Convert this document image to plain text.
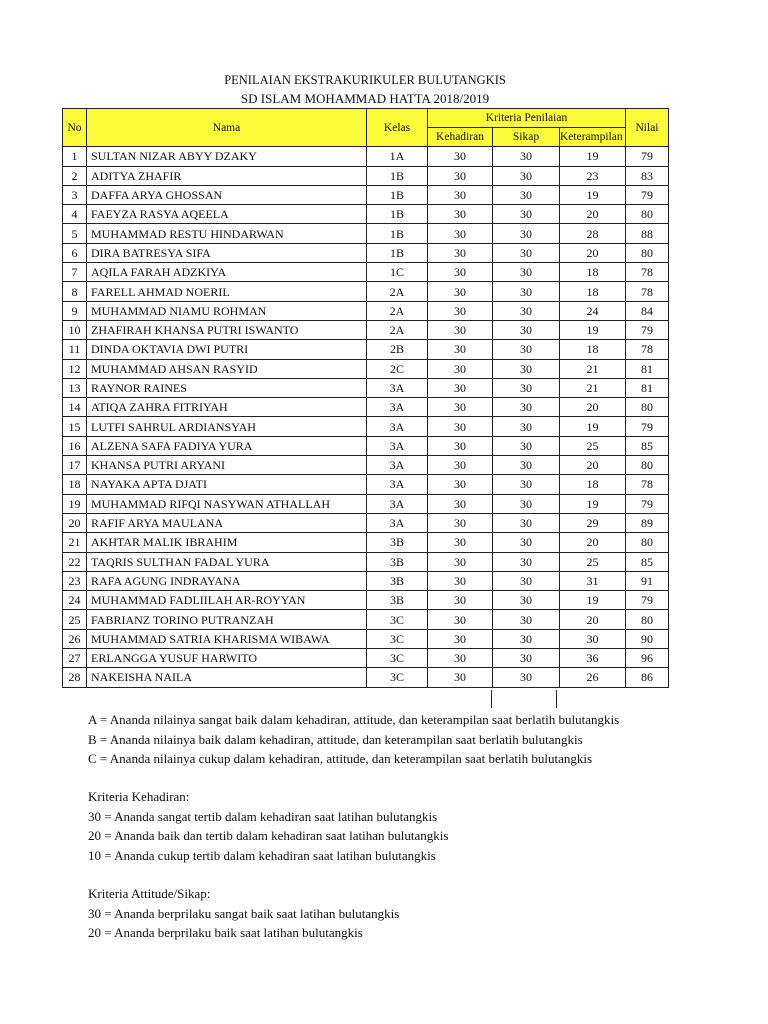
PENILAIAN EKSTRAKURIKULER BULUTANGKIS
SD ISLAM MOHAMMAD HATTA 2018/2019
No	Nama	Kelas	Kriteria Penilaian			Nilai
			Kehadiran	Sikap	Keterampilan	
1	SULTAN NIZAR ABYY DZAKY	1A	30	30	19	79
2	ADITYA ZHAFIR	1B	30	30	23	83
3	DAFFA ARYA GHOSSAN	1B	30	30	19	79
4	FAEYZA RASYA AQEELA	1B	30	30	20	80
5	MUHAMMAD RESTU HINDARWAN	1B	30	30	28	88
6	DIRA BATRESYA SIFA	1B	30	30	20	80
7	AQILA FARAH ADZKIYA	1C	30	30	18	78
8	FARELL AHMAD NOERIL	2A	30	30	18	78
9	MUHAMMAD NIAMU ROHMAN	2A	30	30	24	84
10	ZHAFIRAH KHANSA PUTRI ISWANTO	2A	30	30	19	79
11	DINDA OKTAVIA DWI PUTRI	2B	30	30	18	78
12	MUHAMMAD AHSAN RASYID	2C	30	30	21	81
13	RAYNOR RAINES	3A	30	30	21	81
14	ATIQA ZAHRA FITRIYAH	3A	30	30	20	80
15	LUTFI SAHRUL ARDIANSYAH	3A	30	30	19	79
16	ALZENA SAFA FADIYA YURA	3A	30	30	25	85
17	KHANSA PUTRI ARYANI	3A	30	30	20	80
18	NAYAKA APTA DJATI	3A	30	30	18	78
19	MUHAMMAD RIFQI NASYWAN ATHALLAH	3A	30	30	19	79
20	RAFIF ARYA MAULANA	3A	30	30	29	89
21	AKHTAR MALIK IBRAHIM	3B	30	30	20	80
22	TAQRIS SULTHAN FADAL YURA	3B	30	30	25	85
23	RAFA AGUNG INDRAYANA	3B	30	30	31	91
24	MUHAMMAD FADLIILAH AR-ROYYAN	3B	30	30	19	79
25	FABRIANZ TORINO PUTRANZAH	3C	30	30	20	80
26	MUHAMMAD SATRIA KHARISMA WIBAWA	3C	30	30	30	90
27	ERLANGGA YUSUF HARWITO	3C	30	30	36	96
28	NAKEISHA NAILA	3C	30	30	26	86

A = Ananda nilainya sangat baik dalam kehadiran, attitude, dan keterampilan saat berlatih bulutangkis

B = Ananda nilainya baik dalam kehadiran, attitude, dan keterampilan saat berlatih bulutangkis

C = Ananda nilainya cukup dalam kehadiran, attitude, dan keterampilan saat berlatih bulutangkis

Kriteria Kehadiran:

30 = Ananda sangat tertib dalam kehadiran saat latihan bulutangkis

20 = Ananda baik dan tertib dalam kehadiran saat latihan bulutangkis

10 = Ananda cukup tertib dalam kehadiran saat latihan bulutangkis

Kriteria Attitude/Sikap:

30 = Ananda berprilaku sangat baik saat latihan bulutangkis

20 = Ananda berprilaku baik saat latihan bulutangkis
